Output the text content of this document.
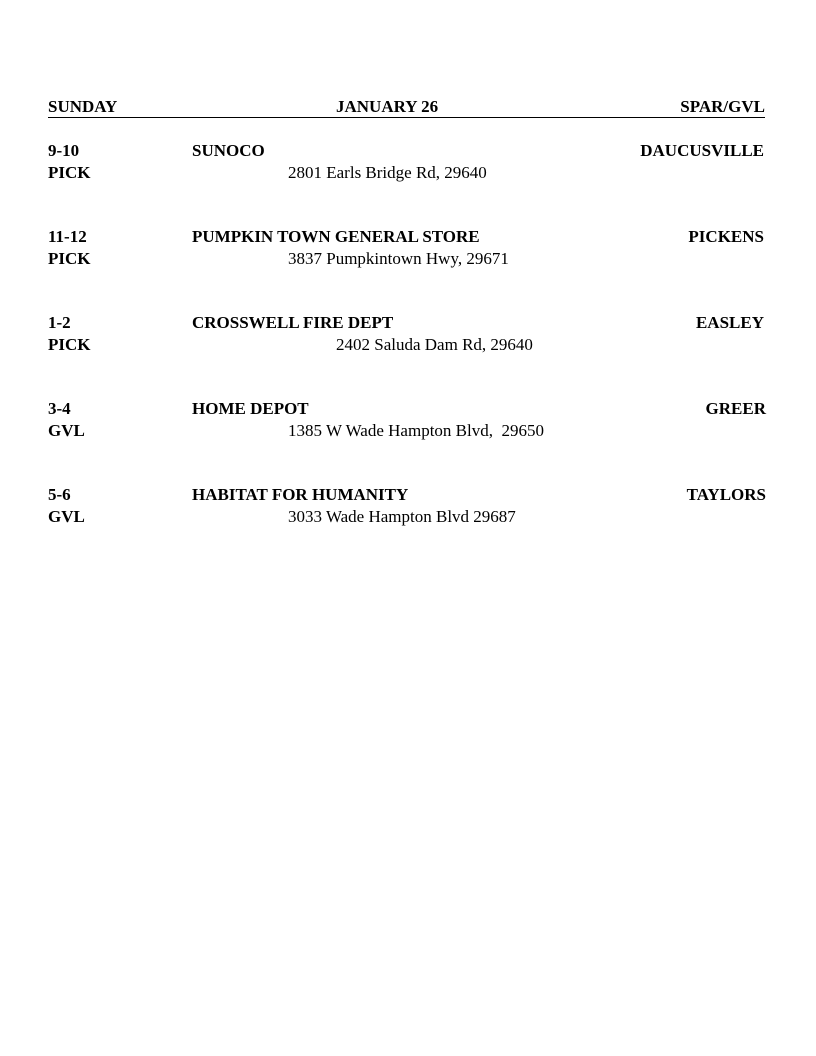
SUNDAY	JANUARY 26	SPAR/GVL
9-10	SUNOCO	DAUCUSVILLE
PICK	2801 Earls Bridge Rd, 29640
11-12	PUMPKIN TOWN GENERAL STORE	PICKENS
PICK	3837 Pumpkintown Hwy, 29671
1-2	CROSSWELL FIRE DEPT	EASLEY
PICK	2402 Saluda Dam Rd, 29640
3-4	HOME DEPOT	GREER
GVL	1385 W Wade Hampton Blvd,  29650
5-6	HABITAT FOR HUMANITY	TAYLORS
GVL	3033 Wade Hampton Blvd 29687
